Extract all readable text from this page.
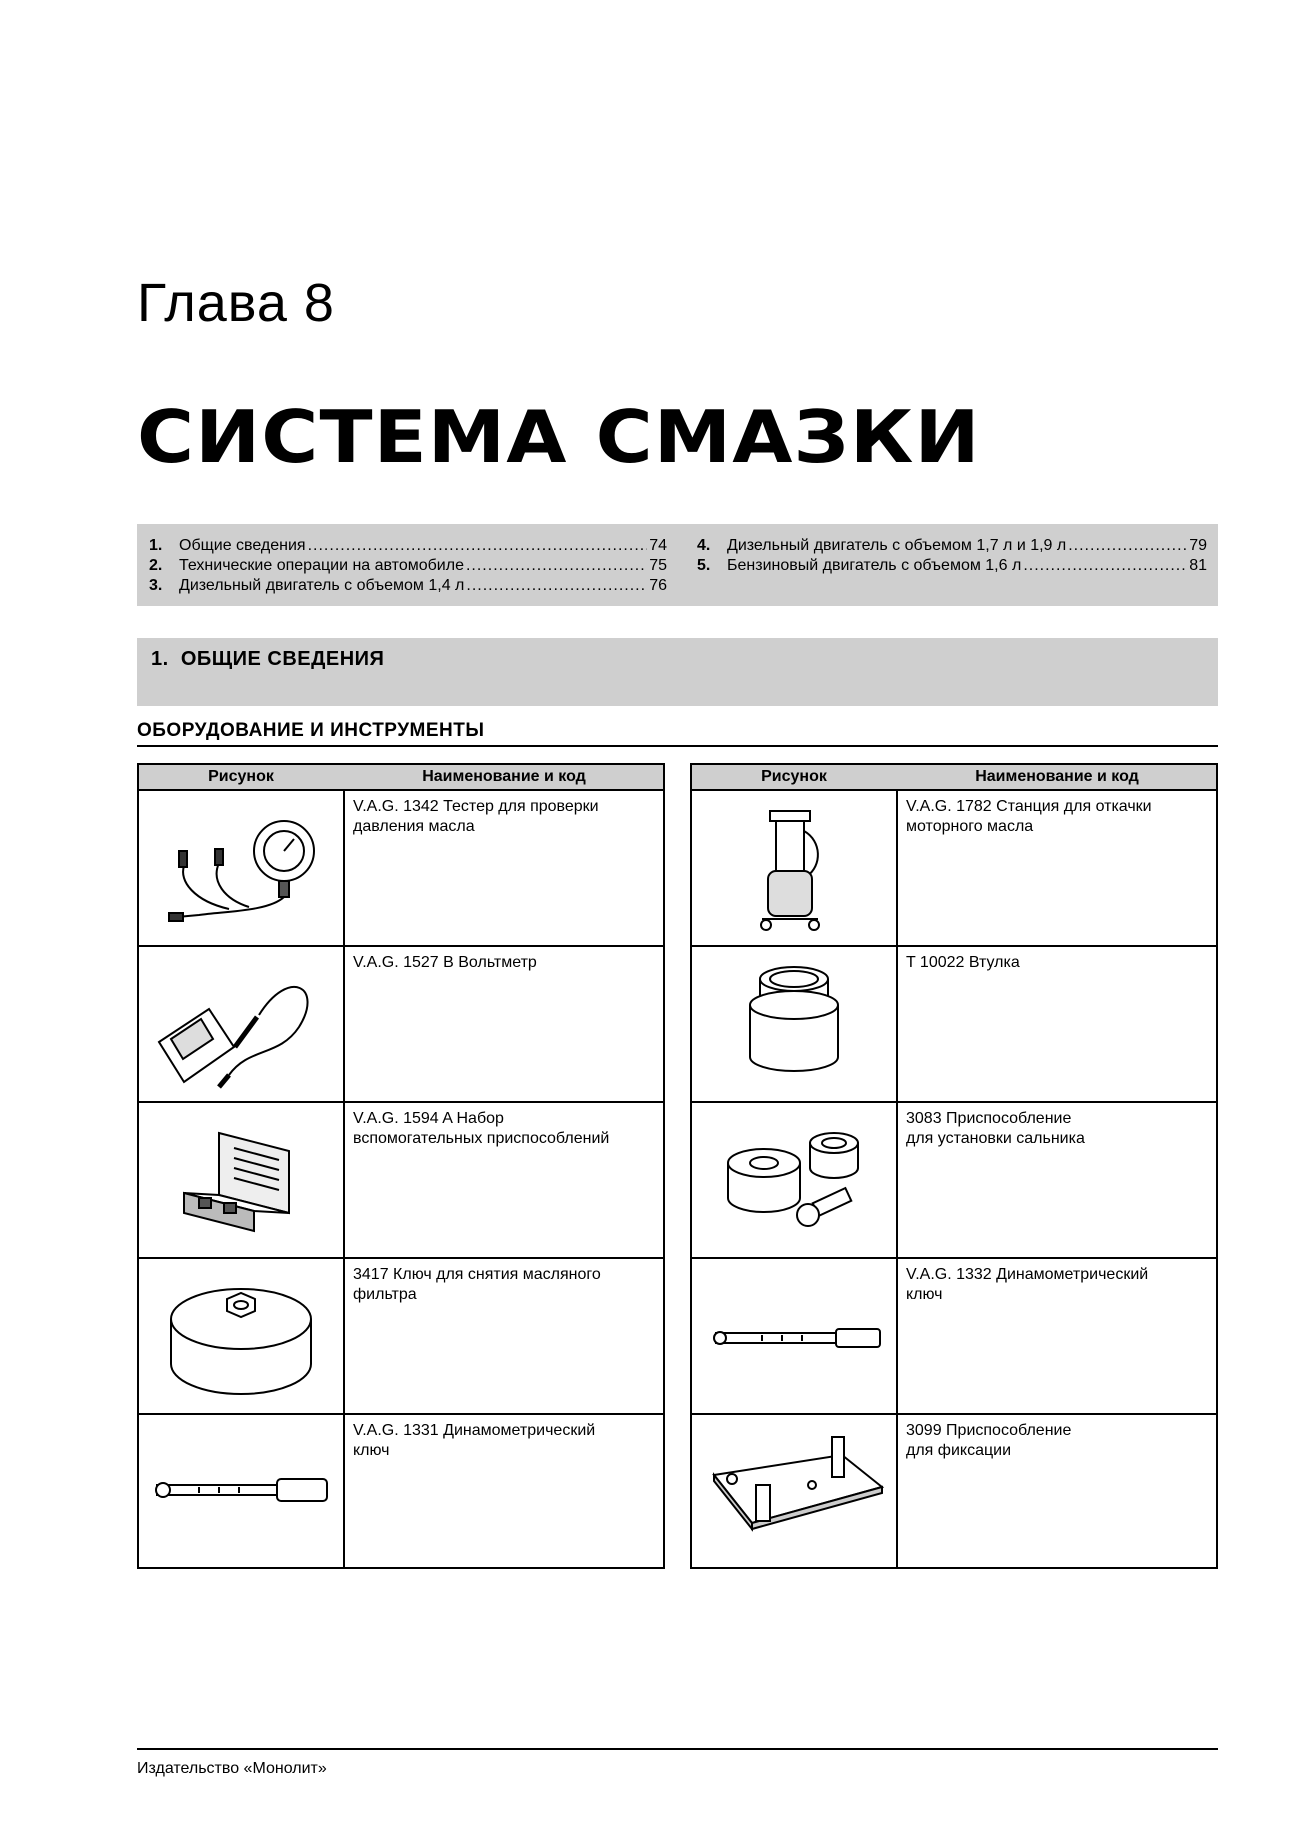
Глава 8
СИСТЕМА СМАЗКИ
1.	Общие сведения .....	74
2.	Технические операции на автомобиле .....	75
3.	Дизельный двигатель с объемом 1,4 л .....	76
4.	Дизельный двигатель с объемом 1,7 л и 1,9 л .....	79
5.	Бензиновый двигатель с объемом 1,6 л .....	81
1. ОБЩИЕ СВЕДЕНИЯ
ОБОРУДОВАНИЕ И ИНСТРУМЕНТЫ
Рисунок	Наименование и код
V.A.G. 1342 Тестер для проверки
давления масла
V.A.G. 1527 B Вольтметр
V.A.G. 1594 A Набор
вспомогательных приспособлений
3417 Ключ для снятия масляного
фильтра
V.A.G. 1331 Динамометрический
ключ
Рисунок	Наименование и код
V.A.G. 1782 Станция для откачки
моторного масла
T 10022 Втулка
3083 Приспособление
для установки сальника
V.A.G. 1332 Динамометрический
ключ
3099 Приспособление
для фиксации
Издательство «Монолит»
